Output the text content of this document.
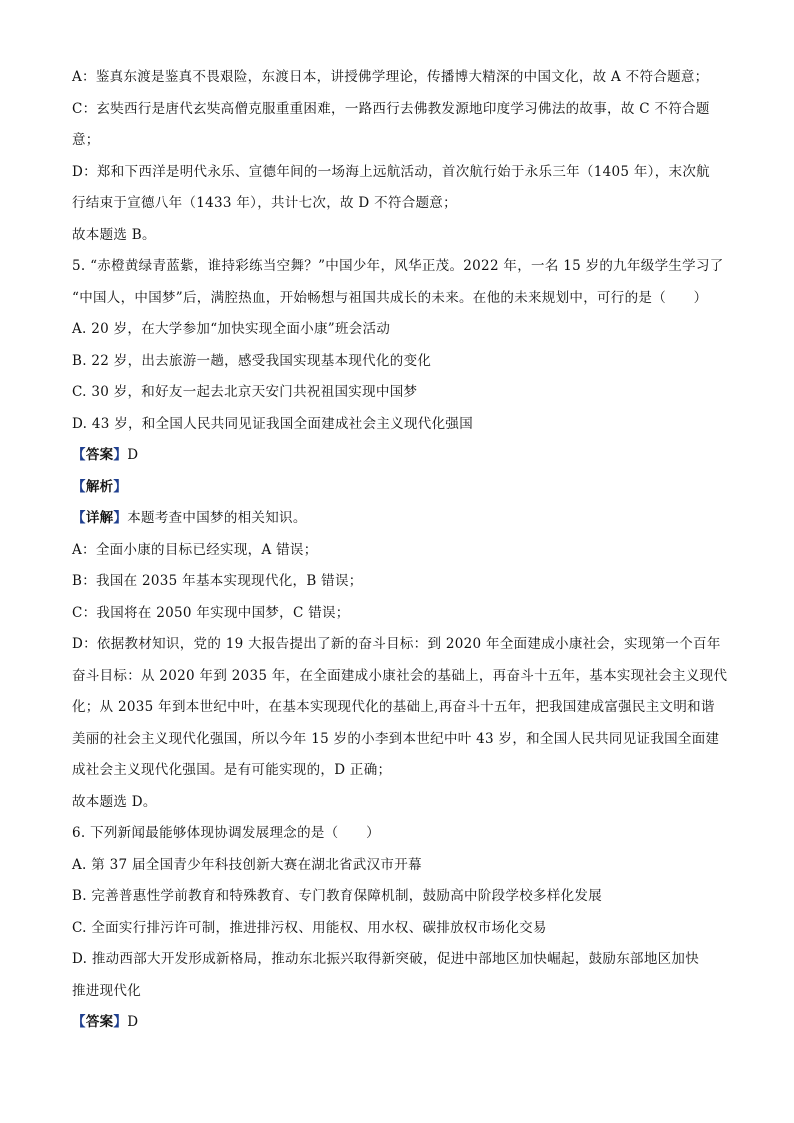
A：鉴真东渡是鉴真不畏艰险，东渡日本，讲授佛学理论，传播博大精深的中国文化，故 A 不符合题意；
C：玄奘西行是唐代玄奘高僧克服重重困难，一路西行去佛教发源地印度学习佛法的故事，故 C 不符合题
意；
D：郑和下西洋是明代永乐、宣德年间的一场海上远航活动，首次航行始于永乐三年（1405 年），末次航
行结束于宣德八年（1433 年），共计七次，故 D 不符合题意；
故本题选 B。
5. “赤橙黄绿青蓝紫，谁持彩练当空舞？”中国少年，风华正茂。2022 年，一名 15 岁的九年级学生学习了
“中国人，中国梦”后，满腔热血，开始畅想与祖国共成长的未来。在他的未来规划中，可行的是（　　）
A. 20 岁，在大学参加“加快实现全面小康”班会活动
B. 22 岁，出去旅游一趟，感受我国实现基本现代化的变化
C. 30 岁，和好友一起去北京天安门共祝祖国实现中国梦
D. 43 岁，和全国人民共同见证我国全面建成社会主义现代化强国
【答案】D
【解析】
【详解】本题考查中国梦的相关知识。
A：全面小康的目标已经实现，A 错误；
B：我国在 2035 年基本实现现代化，B 错误；
C：我国将在 2050 年实现中国梦，C 错误；
D：依据教材知识，党的 19 大报告提出了新的奋斗目标：到 2020 年全面建成小康社会，实现第一个百年
奋斗目标：从 2020 年到 2035 年，在全面建成小康社会的基础上，再奋斗十五年，基本实现社会主义现代
化；从 2035 年到本世纪中叶，在基本实现现代化的基础上,再奋斗十五年，把我国建成富强民主文明和谐
美丽的社会主义现代化强国，所以今年 15 岁的小李到本世纪中叶 43 岁，和全国人民共同见证我国全面建
成社会主义现代化强国。是有可能实现的，D 正确；
故本题选 D。
6. 下列新闻最能够体现协调发展理念的是（　　）
A. 第 37 届全国青少年科技创新大赛在湖北省武汉市开幕
B. 完善普惠性学前教育和特殊教育、专门教育保障机制，鼓励高中阶段学校多样化发展
C. 全面实行排污许可制，推进排污权、用能权、用水权、碳排放权市场化交易
D. 推动西部大开发形成新格局，推动东北振兴取得新突破，促进中部地区加快崛起，鼓励东部地区加快
推进现代化
【答案】D
